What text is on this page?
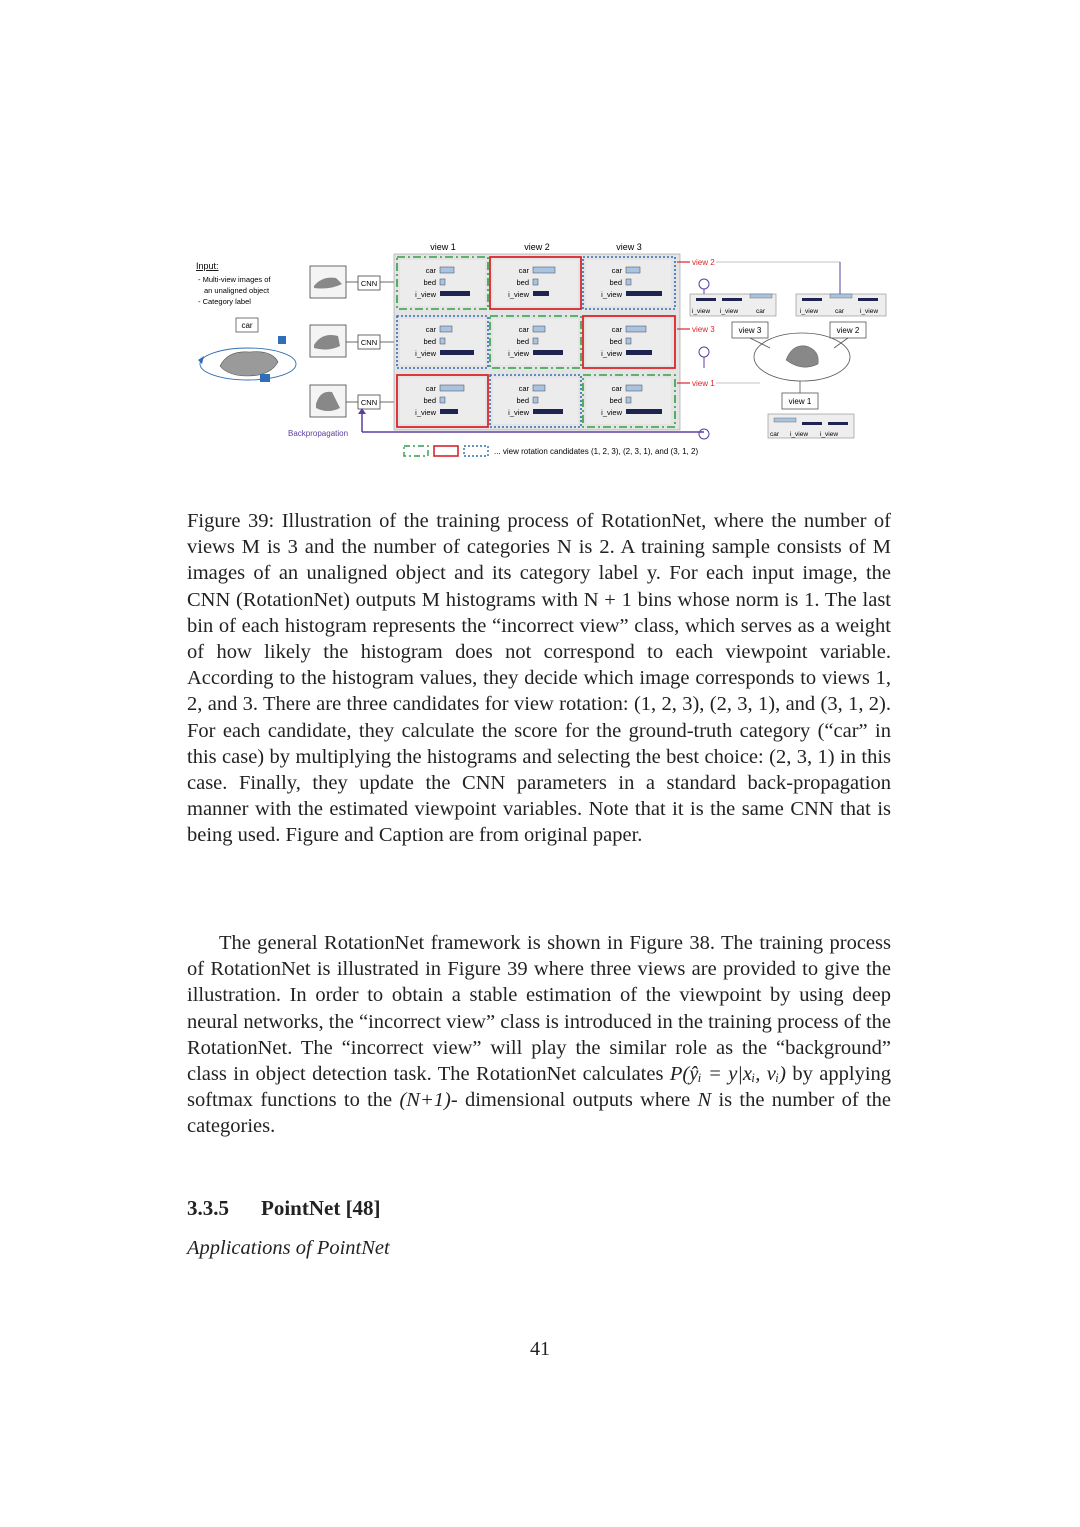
view 1	view 2	view 3
Input:
- Multi-view images of
an unaligned object
- Category label
car
CNN
CNN
CNN
car
bed
i_view
car
bed
i_view
car
bed
i_view
car
bed
i_view
car
bed
i_view
car
bed
i_view
car
bed
i_view
car
bed
i_view
car
bed
i_view
view 2
view 3
view 1
i_view i_view	car	i_view	car i_view
car i_view i_view
view 3	view 2
view 1
Backpropagation
... view rotation candidates (1, 2, 3), (2, 3, 1), and (3, 1, 2)

Figure 39: Illustration of the training process of RotationNet, where the number of views M is 3 and the number of categories N is 2. A training sample consists of M images of an unaligned object and its category label y. For each input image, the CNN (RotationNet) outputs M histograms with N + 1 bins whose norm is 1. The last bin of each histogram represents the “incorrect view” class, which serves as a weight of how likely the histogram does not correspond to each viewpoint variable. According to the histogram values, they decide which image corresponds to views 1, 2, and 3. There are three candidates for view rotation: (1, 2, 3), (2, 3, 1), and (3, 1, 2). For each candidate, they calculate the score for the ground-truth category (“car” in this case) by multiplying the histograms and selecting the best choice: (2, 3, 1) in this case. Finally, they update the CNN parameters in a standard back-propagation manner with the estimated viewpoint variables. Note that it is the same CNN that is being used. Figure and Caption are from original paper.

The general RotationNet framework is shown in Figure 38. The training process of RotationNet is illustrated in Figure 39 where three views are provided to give the illustration. In order to obtain a stable estimation of the viewpoint by using deep neural networks, the “incorrect view” class is introduced in the training process of the RotationNet. The “incorrect view” will play the similar role as the “background” class in object detection task. The RotationNet calculates P(ŷᵢ = y|xᵢ, vᵢ) by applying softmax functions to the (N+1)- dimensional outputs where N is the number of the categories.

3.3.5 PointNet [48]

Applications of PointNet

41
